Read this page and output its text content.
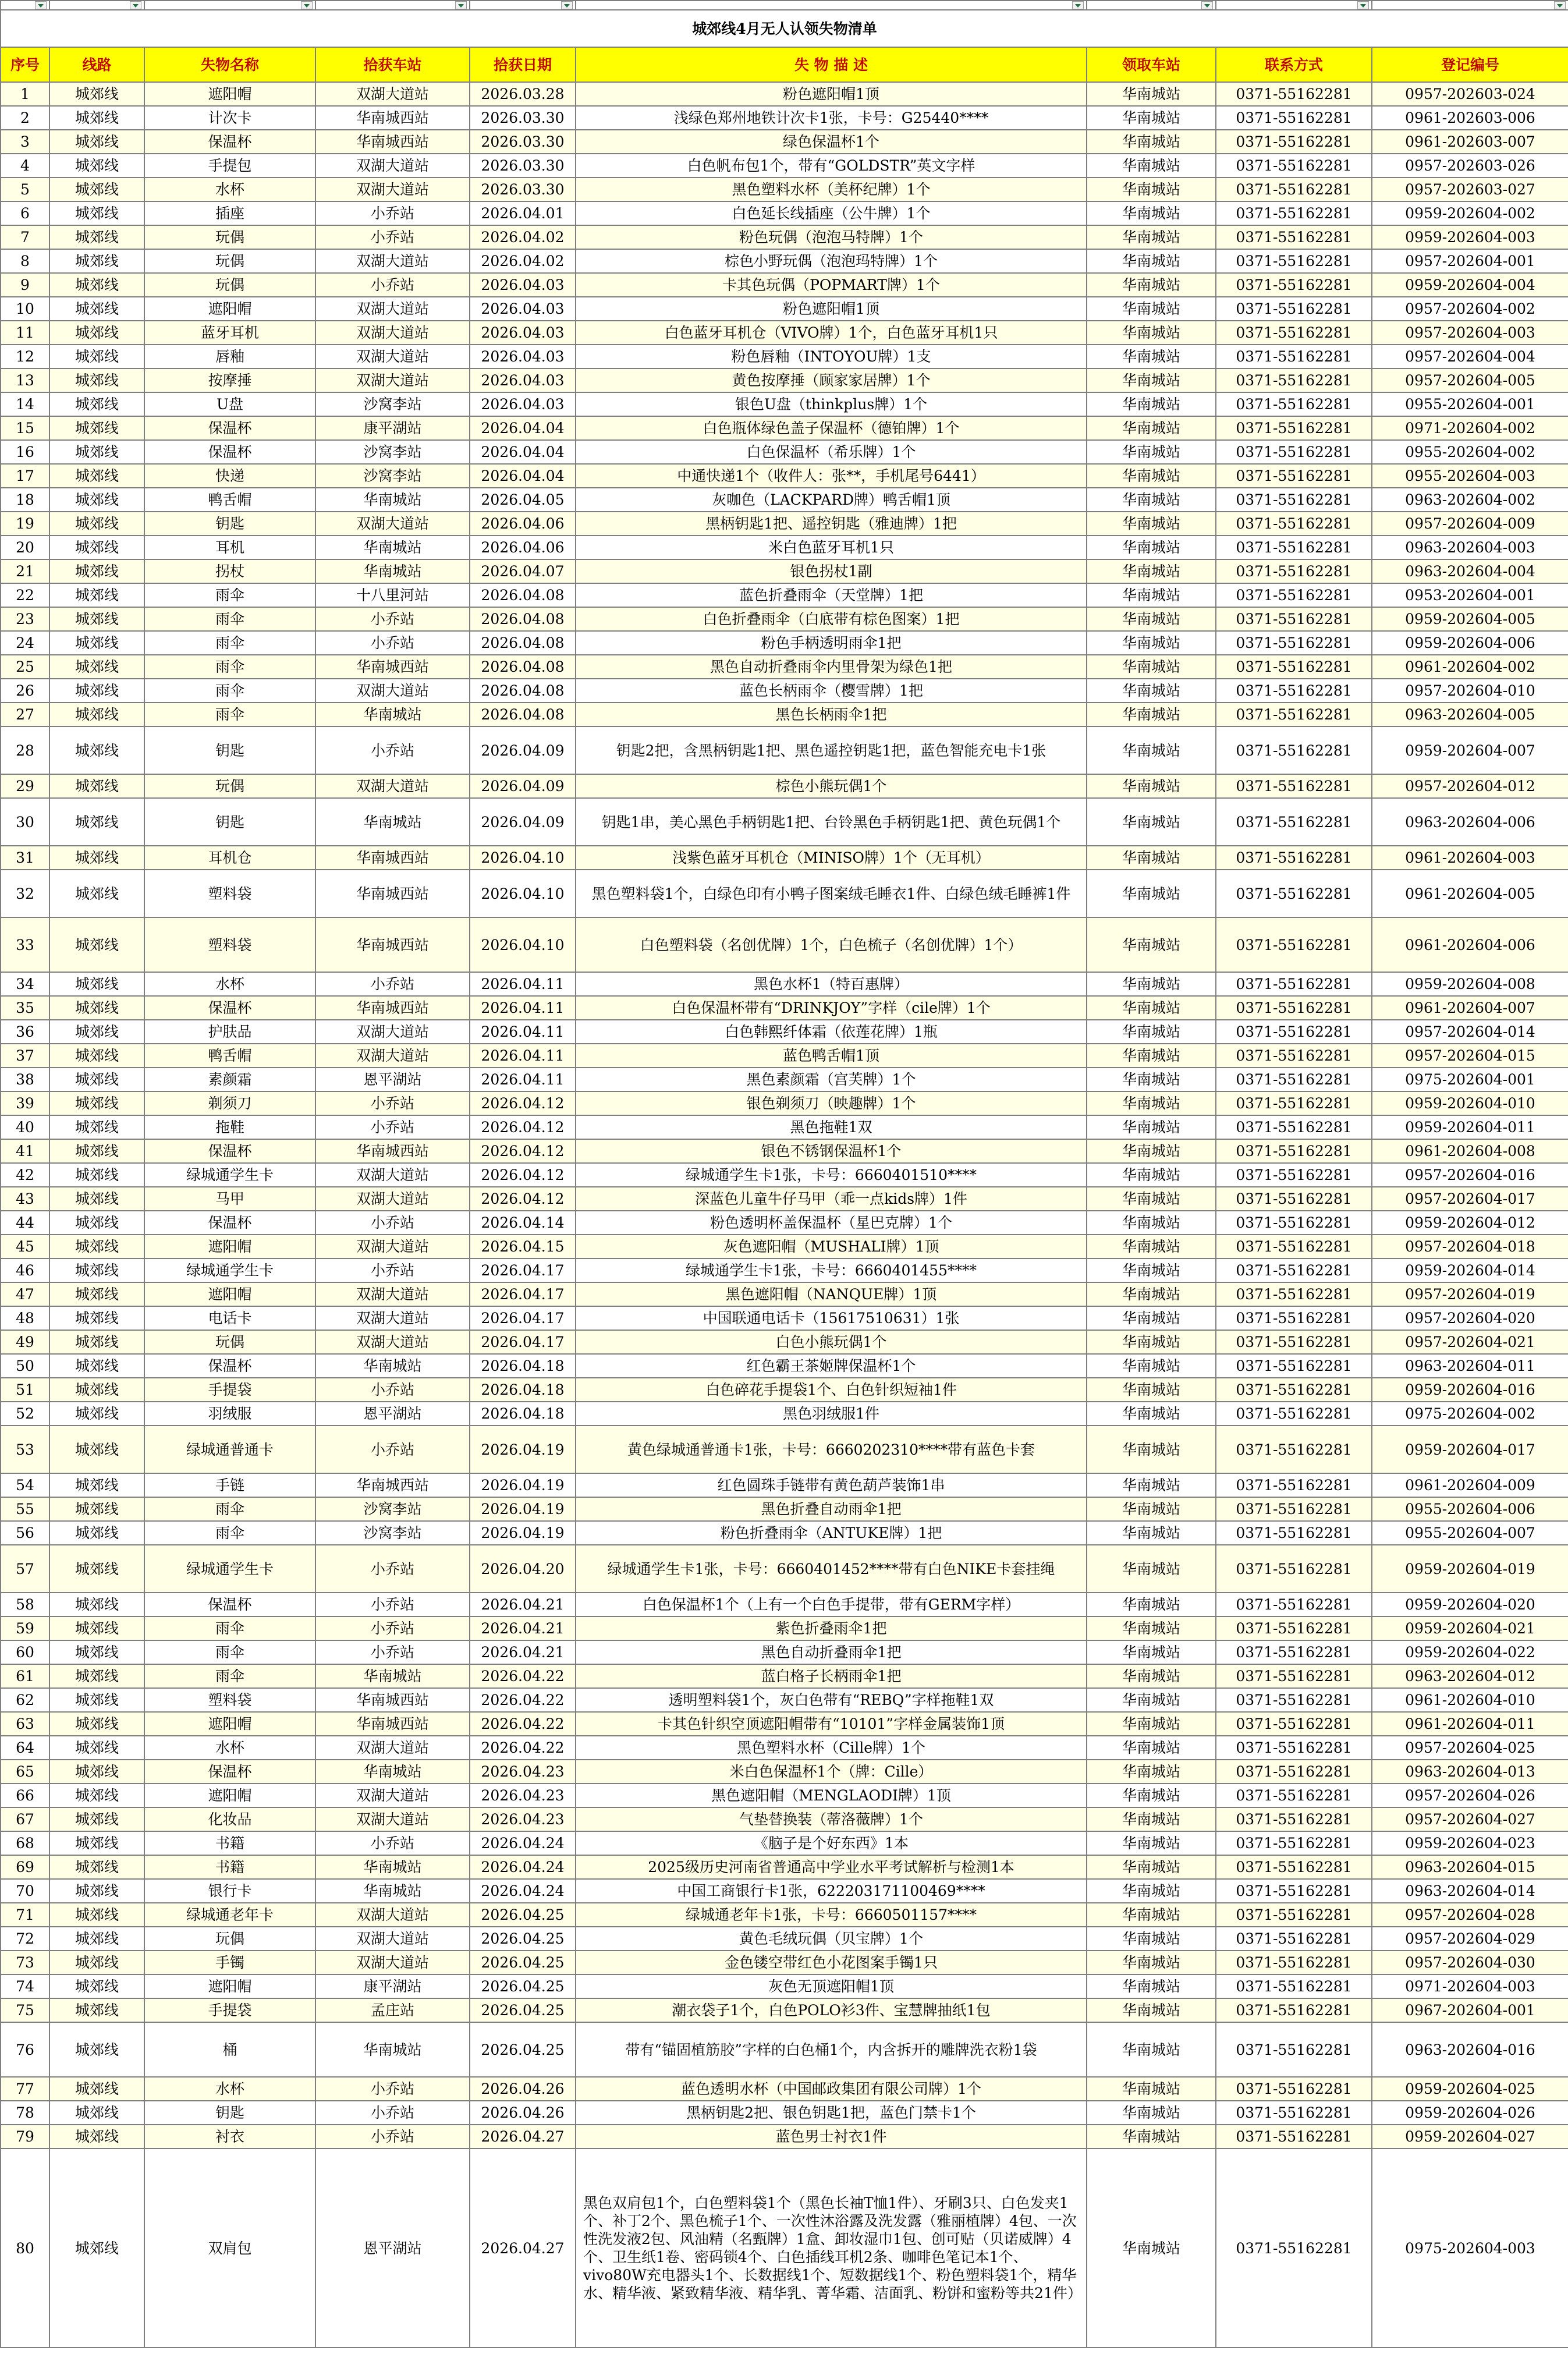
城郊线4月无人认领失物清单								
序号	线路	失物名称	拾获车站	拾获日期	失 物 描 述	领取车站	联系方式	登记编号
1	城郊线	遮阳帽	双湖大道站	2026.03.28	粉色遮阳帽1顶	华南城站	0371-55162281	0957-202603-024
2	城郊线	计次卡	华南城西站	2026.03.30	浅绿色郑州地铁计次卡1张，卡号：G25440****	华南城站	0371-55162281	0961-202603-006
3	城郊线	保温杯	华南城西站	2026.03.30	绿色保温杯1个	华南城站	0371-55162281	0961-202603-007
4	城郊线	手提包	双湖大道站	2026.03.30	白色帆布包1个，带有“GOLDSTR”英文字样	华南城站	0371-55162281	0957-202603-026
5	城郊线	水杯	双湖大道站	2026.03.30	黑色塑料水杯（美杯纪牌）1个	华南城站	0371-55162281	0957-202603-027
6	城郊线	插座	小乔站	2026.04.01	白色延长线插座（公牛牌）1个	华南城站	0371-55162281	0959-202604-002
7	城郊线	玩偶	小乔站	2026.04.02	粉色玩偶（泡泡马特牌）1个	华南城站	0371-55162281	0959-202604-003
8	城郊线	玩偶	双湖大道站	2026.04.02	棕色小野玩偶（泡泡玛特牌）1个	华南城站	0371-55162281	0957-202604-001
9	城郊线	玩偶	小乔站	2026.04.03	卡其色玩偶（POPMART牌）1个	华南城站	0371-55162281	0959-202604-004
10	城郊线	遮阳帽	双湖大道站	2026.04.03	粉色遮阳帽1顶	华南城站	0371-55162281	0957-202604-002
11	城郊线	蓝牙耳机	双湖大道站	2026.04.03	白色蓝牙耳机仓（VIVO牌）1个，白色蓝牙耳机1只	华南城站	0371-55162281	0957-202604-003
12	城郊线	唇釉	双湖大道站	2026.04.03	粉色唇釉（INTOYOU牌）1支	华南城站	0371-55162281	0957-202604-004
13	城郊线	按摩捶	双湖大道站	2026.04.03	黄色按摩捶（顾家家居牌）1个	华南城站	0371-55162281	0957-202604-005
14	城郊线	U盘	沙窝李站	2026.04.03	银色U盘（thinkplus牌）1个	华南城站	0371-55162281	0955-202604-001
15	城郊线	保温杯	康平湖站	2026.04.04	白色瓶体绿色盖子保温杯（德铂牌）1个	华南城站	0371-55162281	0971-202604-002
16	城郊线	保温杯	沙窝李站	2026.04.04	白色保温杯（希乐牌）1个	华南城站	0371-55162281	0955-202604-002
17	城郊线	快递	沙窝李站	2026.04.04	中通快递1个（收件人：张**，手机尾号6441）	华南城站	0371-55162281	0955-202604-003
18	城郊线	鸭舌帽	华南城站	2026.04.05	灰咖色（LACKPARD牌）鸭舌帽1顶	华南城站	0371-55162281	0963-202604-002
19	城郊线	钥匙	双湖大道站	2026.04.06	黑柄钥匙1把、遥控钥匙（雅迪牌）1把	华南城站	0371-55162281	0957-202604-009
20	城郊线	耳机	华南城站	2026.04.06	米白色蓝牙耳机1只	华南城站	0371-55162281	0963-202604-003
21	城郊线	拐杖	华南城站	2026.04.07	银色拐杖1副	华南城站	0371-55162281	0963-202604-004
22	城郊线	雨伞	十八里河站	2026.04.08	蓝色折叠雨伞（天堂牌）1把	华南城站	0371-55162281	0953-202604-001
23	城郊线	雨伞	小乔站	2026.04.08	白色折叠雨伞（白底带有棕色图案）1把	华南城站	0371-55162281	0959-202604-005
24	城郊线	雨伞	小乔站	2026.04.08	粉色手柄透明雨伞1把	华南城站	0371-55162281	0959-202604-006
25	城郊线	雨伞	华南城西站	2026.04.08	黑色自动折叠雨伞内里骨架为绿色1把	华南城站	0371-55162281	0961-202604-002
26	城郊线	雨伞	双湖大道站	2026.04.08	蓝色长柄雨伞（樱雪牌）1把	华南城站	0371-55162281	0957-202604-010
27	城郊线	雨伞	华南城站	2026.04.08	黑色长柄雨伞1把	华南城站	0371-55162281	0963-202604-005
28	城郊线	钥匙	小乔站	2026.04.09	钥匙2把，含黑柄钥匙1把、黑色遥控钥匙1把，蓝色智能充电卡1张	华南城站	0371-55162281	0959-202604-007
29	城郊线	玩偶	双湖大道站	2026.04.09	棕色小熊玩偶1个	华南城站	0371-55162281	0957-202604-012
30	城郊线	钥匙	华南城站	2026.04.09	钥匙1串，美心黑色手柄钥匙1把、台铃黑色手柄钥匙1把、黄色玩偶1个	华南城站	0371-55162281	0963-202604-006
31	城郊线	耳机仓	华南城西站	2026.04.10	浅紫色蓝牙耳机仓（MINISO牌）1个（无耳机）	华南城站	0371-55162281	0961-202604-003
32	城郊线	塑料袋	华南城西站	2026.04.10	黑色塑料袋1个，白绿色印有小鸭子图案绒毛睡衣1件、白绿色绒毛睡裤1件	华南城站	0371-55162281	0961-202604-005
33	城郊线	塑料袋	华南城西站	2026.04.10	白色塑料袋（名创优牌）1个，白色梳子（名创优牌）1个）	华南城站	0371-55162281	0961-202604-006
34	城郊线	水杯	小乔站	2026.04.11	黑色水杯1（特百惠牌）	华南城站	0371-55162281	0959-202604-008
35	城郊线	保温杯	华南城西站	2026.04.11	白色保温杯带有“DRINKJOY”字样（cile牌）1个	华南城站	0371-55162281	0961-202604-007
36	城郊线	护肤品	双湖大道站	2026.04.11	白色韩熙纤体霜（依莲花牌）1瓶	华南城站	0371-55162281	0957-202604-014
37	城郊线	鸭舌帽	双湖大道站	2026.04.11	蓝色鸭舌帽1顶	华南城站	0371-55162281	0957-202604-015
38	城郊线	素颜霜	恩平湖站	2026.04.11	黑色素颜霜（宫芙牌）1个	华南城站	0371-55162281	0975-202604-001
39	城郊线	剃须刀	小乔站	2026.04.12	银色剃须刀（映趣牌）1个	华南城站	0371-55162281	0959-202604-010
40	城郊线	拖鞋	小乔站	2026.04.12	黑色拖鞋1双	华南城站	0371-55162281	0959-202604-011
41	城郊线	保温杯	华南城西站	2026.04.12	银色不锈钢保温杯1个	华南城站	0371-55162281	0961-202604-008
42	城郊线	绿城通学生卡	双湖大道站	2026.04.12	绿城通学生卡1张，卡号：6660401510****	华南城站	0371-55162281	0957-202604-016
43	城郊线	马甲	双湖大道站	2026.04.12	深蓝色儿童牛仔马甲（乖一点kids牌）1件	华南城站	0371-55162281	0957-202604-017
44	城郊线	保温杯	小乔站	2026.04.14	粉色透明杯盖保温杯（星巴克牌）1个	华南城站	0371-55162281	0959-202604-012
45	城郊线	遮阳帽	双湖大道站	2026.04.15	灰色遮阳帽（MUSHALI牌）1顶	华南城站	0371-55162281	0957-202604-018
46	城郊线	绿城通学生卡	小乔站	2026.04.17	绿城通学生卡1张，卡号：6660401455****	华南城站	0371-55162281	0959-202604-014
47	城郊线	遮阳帽	双湖大道站	2026.04.17	黑色遮阳帽（NANQUE牌）1顶	华南城站	0371-55162281	0957-202604-019
48	城郊线	电话卡	双湖大道站	2026.04.17	中国联通电话卡（15617510631）1张	华南城站	0371-55162281	0957-202604-020
49	城郊线	玩偶	双湖大道站	2026.04.17	白色小熊玩偶1个	华南城站	0371-55162281	0957-202604-021
50	城郊线	保温杯	华南城站	2026.04.18	红色霸王茶姬牌保温杯1个	华南城站	0371-55162281	0963-202604-011
51	城郊线	手提袋	小乔站	2026.04.18	白色碎花手提袋1个、白色针织短袖1件	华南城站	0371-55162281	0959-202604-016
52	城郊线	羽绒服	恩平湖站	2026.04.18	黑色羽绒服1件	华南城站	0371-55162281	0975-202604-002
53	城郊线	绿城通普通卡	小乔站	2026.04.19	黄色绿城通普通卡1张，卡号：6660202310****带有蓝色卡套	华南城站	0371-55162281	0959-202604-017
54	城郊线	手链	华南城西站	2026.04.19	红色圆珠手链带有黄色葫芦装饰1串	华南城站	0371-55162281	0961-202604-009
55	城郊线	雨伞	沙窝李站	2026.04.19	黑色折叠自动雨伞1把	华南城站	0371-55162281	0955-202604-006
56	城郊线	雨伞	沙窝李站	2026.04.19	粉色折叠雨伞（ANTUKE牌）1把	华南城站	0371-55162281	0955-202604-007
57	城郊线	绿城通学生卡	小乔站	2026.04.20	绿城通学生卡1张，卡号：6660401452****带有白色NIKE卡套挂绳	华南城站	0371-55162281	0959-202604-019
58	城郊线	保温杯	小乔站	2026.04.21	白色保温杯1个（上有一个白色手提带，带有GERM字样）	华南城站	0371-55162281	0959-202604-020
59	城郊线	雨伞	小乔站	2026.04.21	紫色折叠雨伞1把	华南城站	0371-55162281	0959-202604-021
60	城郊线	雨伞	小乔站	2026.04.21	黑色自动折叠雨伞1把	华南城站	0371-55162281	0959-202604-022
61	城郊线	雨伞	华南城站	2026.04.22	蓝白格子长柄雨伞1把	华南城站	0371-55162281	0963-202604-012
62	城郊线	塑料袋	华南城西站	2026.04.22	透明塑料袋1个，灰白色带有“REBQ”字样拖鞋1双	华南城站	0371-55162281	0961-202604-010
63	城郊线	遮阳帽	华南城西站	2026.04.22	卡其色针织空顶遮阳帽带有“10101”字样金属装饰1顶	华南城站	0371-55162281	0961-202604-011
64	城郊线	水杯	双湖大道站	2026.04.22	黑色塑料水杯（Cille牌）1个	华南城站	0371-55162281	0957-202604-025
65	城郊线	保温杯	华南城站	2026.04.23	米白色保温杯1个（牌：Cille）	华南城站	0371-55162281	0963-202604-013
66	城郊线	遮阳帽	双湖大道站	2026.04.23	黑色遮阳帽（MENGLAODI牌）1顶	华南城站	0371-55162281	0957-202604-026
67	城郊线	化妆品	双湖大道站	2026.04.23	气垫替换装（蒂洛薇牌）1个	华南城站	0371-55162281	0957-202604-027
68	城郊线	书籍	小乔站	2026.04.24	《脑子是个好东西》1本	华南城站	0371-55162281	0959-202604-023
69	城郊线	书籍	华南城站	2026.04.24	2025级历史河南省普通高中学业水平考试解析与检测1本	华南城站	0371-55162281	0963-202604-015
70	城郊线	银行卡	华南城站	2026.04.24	中国工商银行卡1张，622203171100469****	华南城站	0371-55162281	0963-202604-014
71	城郊线	绿城通老年卡	双湖大道站	2026.04.25	绿城通老年卡1张，卡号：6660501157****	华南城站	0371-55162281	0957-202604-028
72	城郊线	玩偶	双湖大道站	2026.04.25	黄色毛绒玩偶（贝宝牌）1个	华南城站	0371-55162281	0957-202604-029
73	城郊线	手镯	双湖大道站	2026.04.25	金色镂空带红色小花图案手镯1只	华南城站	0371-55162281	0957-202604-030
74	城郊线	遮阳帽	康平湖站	2026.04.25	灰色无顶遮阳帽1顶	华南城站	0371-55162281	0971-202604-003
75	城郊线	手提袋	孟庄站	2026.04.25	潮衣袋子1个，白色POLO衫3件、宝慧牌抽纸1包	华南城站	0371-55162281	0967-202604-001
76	城郊线	桶	华南城站	2026.04.25	带有“锚固植筋胶”字样的白色桶1个，内含拆开的雕牌洗衣粉1袋	华南城站	0371-55162281	0963-202604-016
77	城郊线	水杯	小乔站	2026.04.26	蓝色透明水杯（中国邮政集团有限公司牌）1个	华南城站	0371-55162281	0959-202604-025
78	城郊线	钥匙	小乔站	2026.04.26	黑柄钥匙2把、银色钥匙1把，蓝色门禁卡1个	华南城站	0371-55162281	0959-202604-026
79	城郊线	衬衣	小乔站	2026.04.27	蓝色男士衬衣1件	华南城站	0371-55162281	0959-202604-027
80	城郊线	双肩包	恩平湖站	2026.04.27	黑色双肩包1个，白色塑料袋1个（黑色长袖T恤1件）、牙刷3只、白色发夹1个、补丁2个、黑色梳子1个、一次性沐浴露及洗发露（雅丽植牌）4包、一次性洗发液2包、风油精（名甄牌）1盒、卸妆湿巾1包、创可贴（贝诺威牌）4个、卫生纸1卷、密码锁4个、白色插线耳机2条、咖啡色笔记本1个、vivo80W充电器头1个、长数据线1个、短数据线1个、粉色塑料袋1个，精华水、精华液、紧致精华液、精华乳、菁华霜、洁面乳、粉饼和蜜粉等共21件）	华南城站	0371-55162281	0975-202604-003
